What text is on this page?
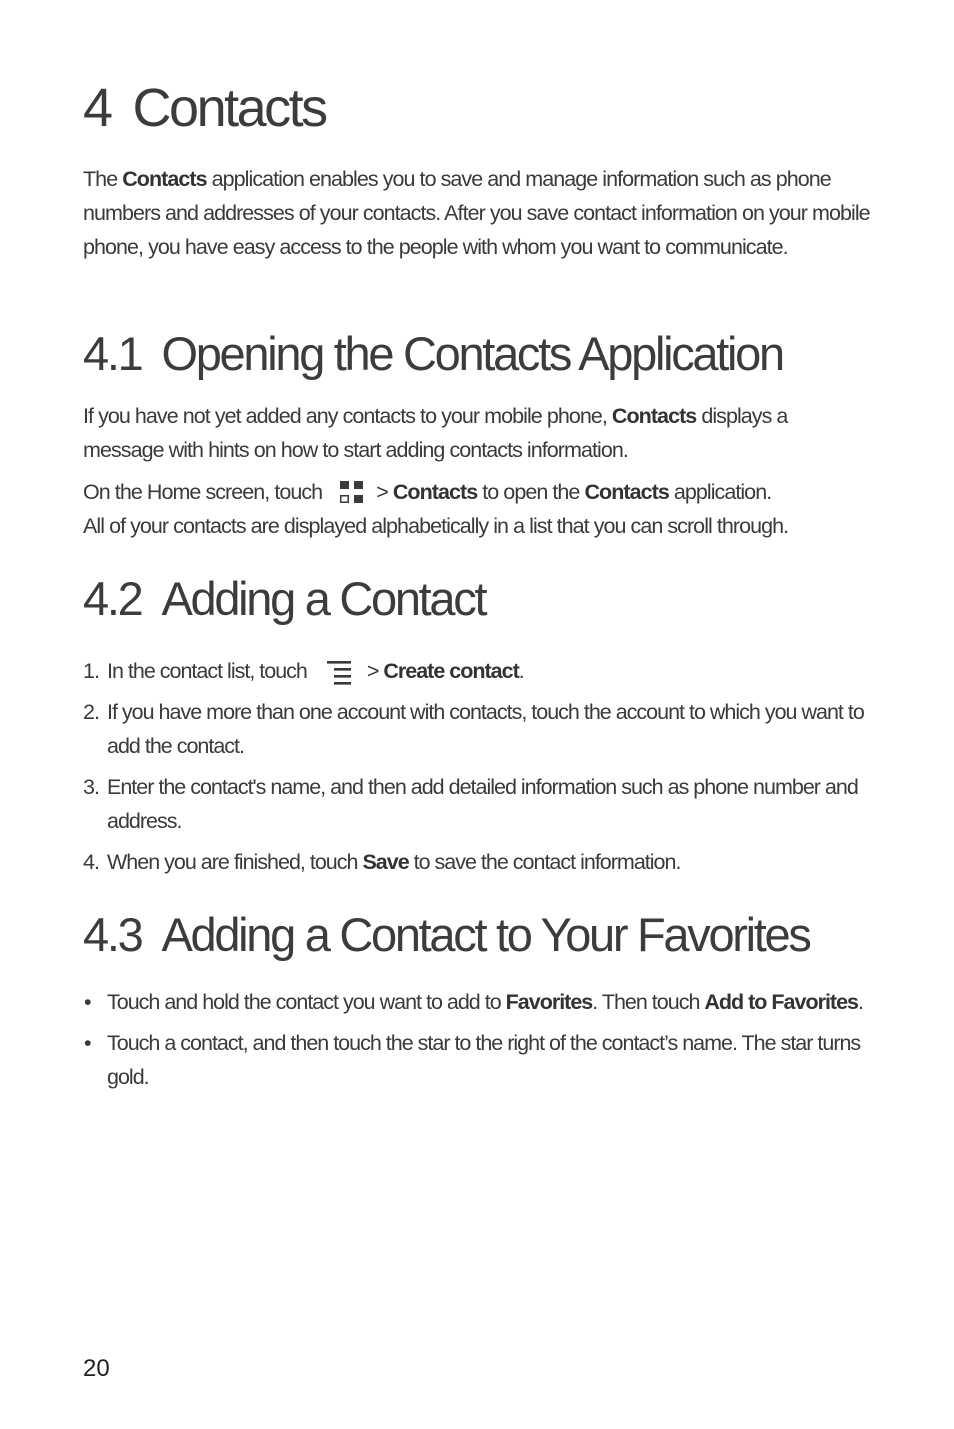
4 Contacts

The Contacts application enables you to save and manage information such as phone numbers and addresses of your contacts. After you save contact information on your mobile phone, you have easy access to the people with whom you want to communicate.

4.1 Opening the Contacts Application

If you have not yet added any contacts to your mobile phone, Contacts displays a message with hints on how to start adding contacts information.

On the Home screen, touch
> Contacts to open the Contacts application.

All of your contacts are displayed alphabetically in a list that you can scroll through.

4.2 Adding a Contact
1. In the contact list, touch
> Create contact.
2. If you have more than one account with contacts, touch the account to which you want to add the contact.
3. Enter the contact's name, and then add detailed information such as phone number and address.
4. When you are finished, touch Save to save the contact information.
4.3 Adding a Contact to Your Favorites
• Touch and hold the contact you want to add to Favorites. Then touch Add to Favorites.
• Touch a contact, and then touch the star to the right of the contact’s name. The star turns gold.

20
